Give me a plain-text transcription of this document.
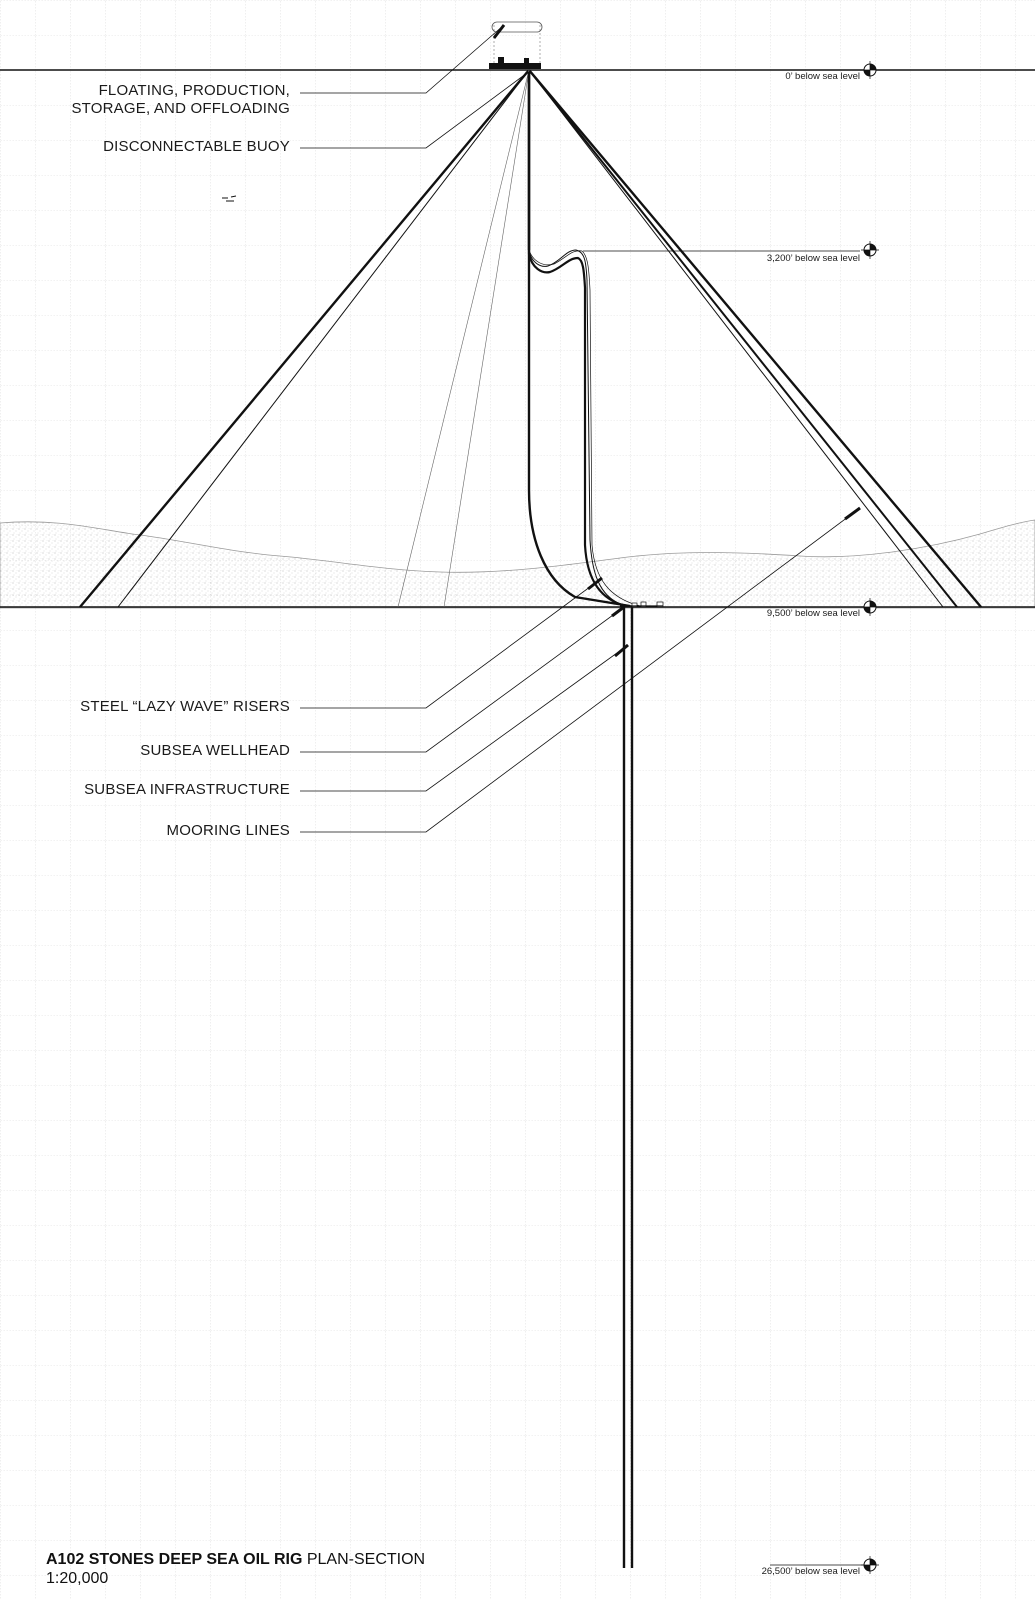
FLOATING, PRODUCTION,
STORAGE, AND OFFLOADING
DISCONNECTABLE BUOY
STEEL “LAZY WAVE” RISERS
SUBSEA WELLHEAD
SUBSEA INFRASTRUCTURE
MOORING LINES
0’ below sea level
3,200’ below sea level
9,500’ below sea level
26,500’ below sea level
A102 STONES DEEP SEA OIL RIG PLAN-SECTION
1:20,000
